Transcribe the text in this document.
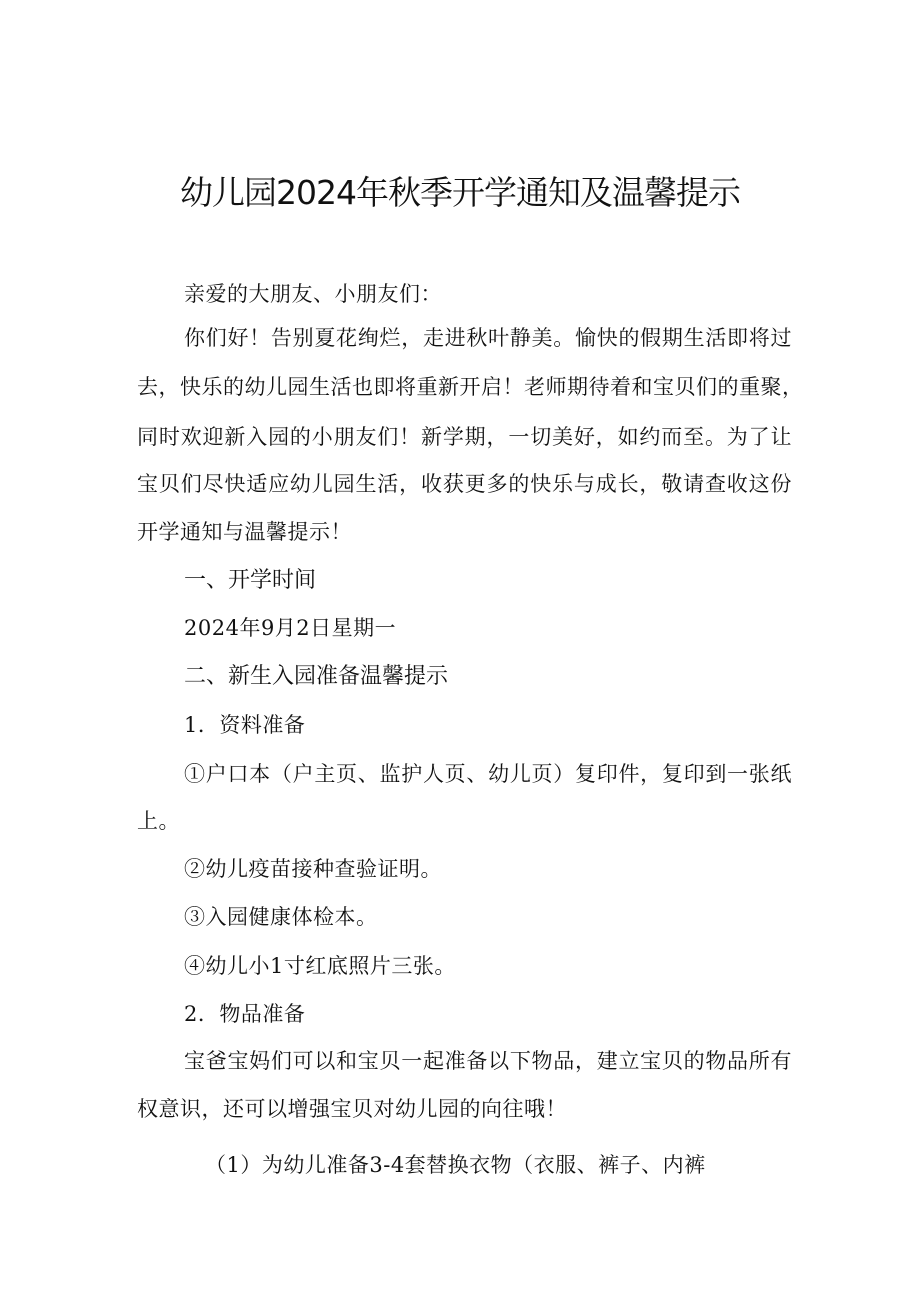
幼儿园2024年秋季开学通知及温馨提示

亲爱的大朋友、小朋友们：

你们好！告别夏花绚烂，走进秋叶静美。愉快的假期生活即将过

去，快乐的幼儿园生活也即将重新开启！老师期待着和宝贝们的重聚，

同时欢迎新入园的小朋友们！新学期，一切美好，如约而至。为了让

宝贝们尽快适应幼儿园生活，收获更多的快乐与成长，敬请查收这份

开学通知与温馨提示！

一、开学时间

2024年9月2日星期一

二、新生入园准备温馨提示

1．资料准备

①户口本（户主页、监护人页、幼儿页）复印件，复印到一张纸

上。

②幼儿疫苗接种查验证明。

③入园健康体检本。

④幼儿小1寸红底照片三张。

2．物品准备

宝爸宝妈们可以和宝贝一起准备以下物品，建立宝贝的物品所有

权意识，还可以增强宝贝对幼儿园的向往哦！

（1）为幼儿准备3-4套替换衣物（衣服、裤子、内裤
